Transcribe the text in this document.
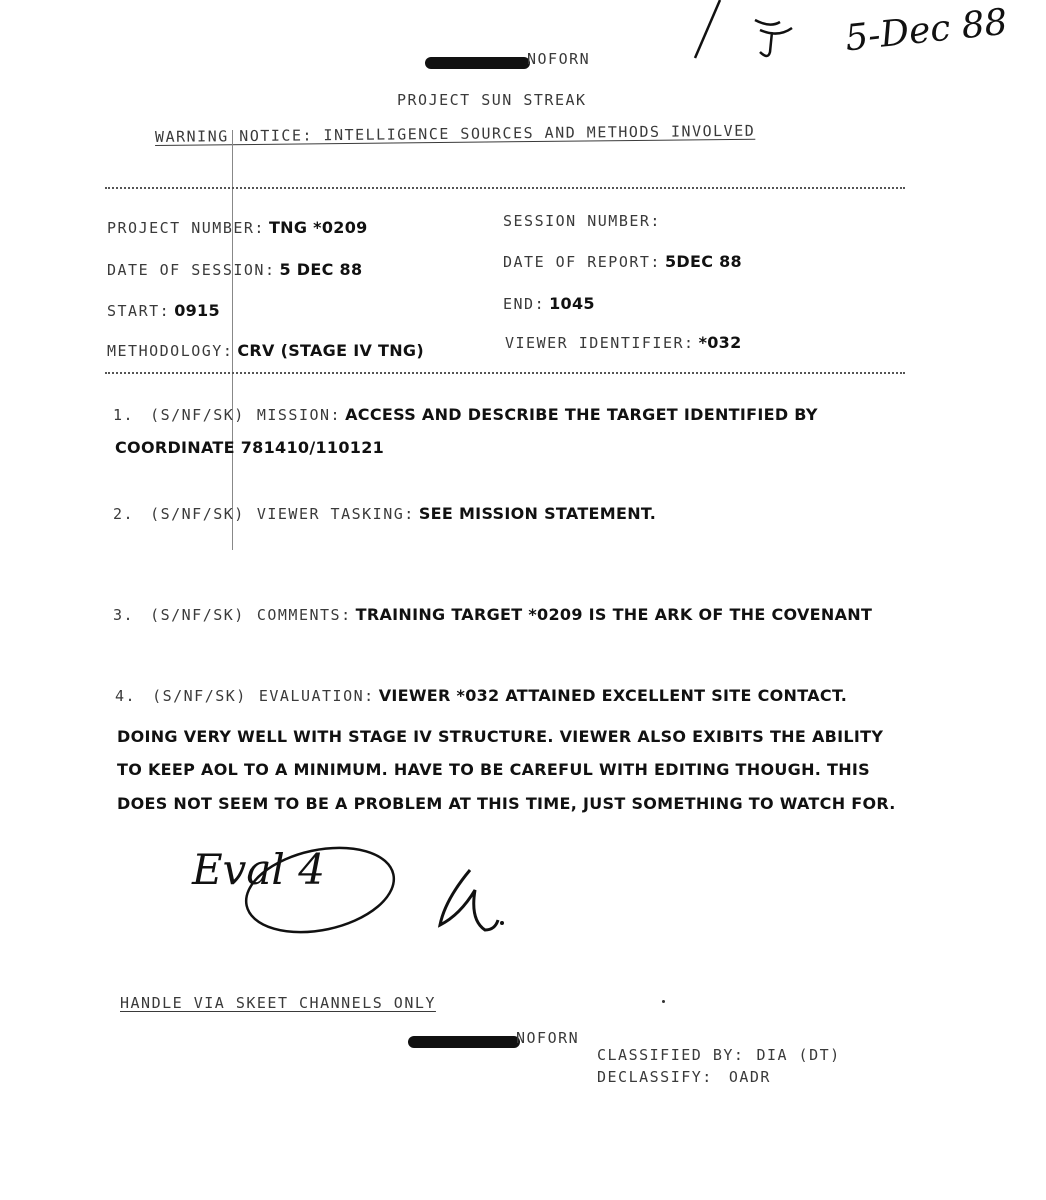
5-Dec 88
NOFORN
PROJECT SUN STREAK
WARNING NOTICE: INTELLIGENCE SOURCES AND METHODS INVOLVED
PROJECT NUMBER: TNG *0209	SESSION NUMBER:
DATE OF SESSION: 5 DEC 88	DATE OF REPORT: 5DEC 88
START: 0915	END: 1045
METHODOLOGY: CRV (STAGE IV TNG)	VIEWER IDENTIFIER: *032
1. (S/NF/SK) MISSION: ACCESS AND DESCRIBE THE TARGET IDENTIFIED BY
COORDINATE 781410/110121
2. (S/NF/SK) VIEWER TASKING: SEE MISSION STATEMENT.
3. (S/NF/SK) COMMENTS: TRAINING TARGET *0209 IS THE ARK OF THE COVENANT
4. (S/NF/SK) EVALUATION: VIEWER *032 ATTAINED EXCELLENT SITE CONTACT.
DOING VERY WELL WITH STAGE IV STRUCTURE. VIEWER ALSO EXIBITS THE ABILITY
TO KEEP AOL TO A MINIMUM. HAVE TO BE CAREFUL WITH EDITING THOUGH. THIS
DOES NOT SEEM TO BE A PROBLEM AT THIS TIME, JUST SOMETHING TO WATCH FOR.
Eval 4
HANDLE VIA SKEET CHANNELS ONLY
NOFORN
CLASSIFIED BY: DIA (DT)
DECLASSIFY: OADR
